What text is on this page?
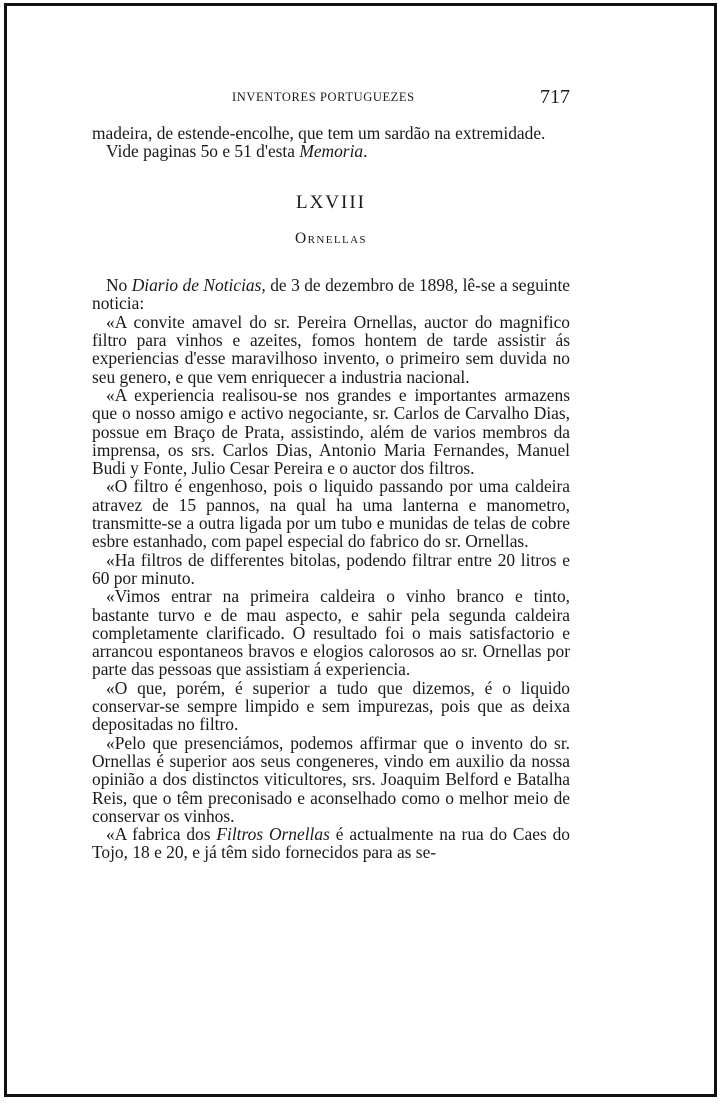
INVENTORES PORTUGUEZES	717

madeira, de estende-encolhe, que tem um sardão na extremidade.

Vide paginas 5o e 51 d'esta Memoria.

LXVIII

Ornellas

No Diario de Noticias, de 3 de dezembro de 1898, lê-se a seguinte noticia:

«A convite amavel do sr. Pereira Ornellas, auctor do magnifico filtro para vinhos e azeites, fomos hontem de tarde assistir ás experiencias d'esse maravilhoso invento, o primeiro sem duvida no seu genero, e que vem enriquecer a industria nacional.

«A experiencia realisou-se nos grandes e importantes armazens que o nosso amigo e activo negociante, sr. Carlos de Carvalho Dias, possue em Braço de Prata, assistindo, além de varios membros da imprensa, os srs. Carlos Dias, Antonio Maria Fernandes, Manuel Budi y Fonte, Julio Cesar Pereira e o auctor dos filtros.

«O filtro é engenhoso, pois o liquido passando por uma caldeira atravez de 15 pannos, na qual ha uma lanterna e manometro, transmitte-se a outra ligada por um tubo e munidas de telas de cobre esbre estanhado, com papel especial do fabrico do sr. Ornellas.

«Ha filtros de differentes bitolas, podendo filtrar entre 20 litros e 60 por minuto.

«Vimos entrar na primeira caldeira o vinho branco e tinto, bastante turvo e de mau aspecto, e sahir pela segunda caldeira completamente clarificado. O resultado foi o mais satisfactorio e arrancou espontaneos bravos e elogios calorosos ao sr. Ornellas por parte das pessoas que assistiam á experiencia.

«O que, porém, é superior a tudo que dizemos, é o liquido conservar-se sempre limpido e sem impurezas, pois que as deixa depositadas no filtro.

«Pelo que presenciámos, podemos affirmar que o invento do sr. Ornellas é superior aos seus congeneres, vindo em auxilio da nossa opinião a dos distinctos viticultores, srs. Joaquim Belford e Batalha Reis, que o têm preconisado e aconselhado como o melhor meio de conservar os vinhos.

«A fabrica dos Filtros Ornellas é actualmente na rua do Caes do Tojo, 18 e 20, e já têm sido fornecidos para as se-
